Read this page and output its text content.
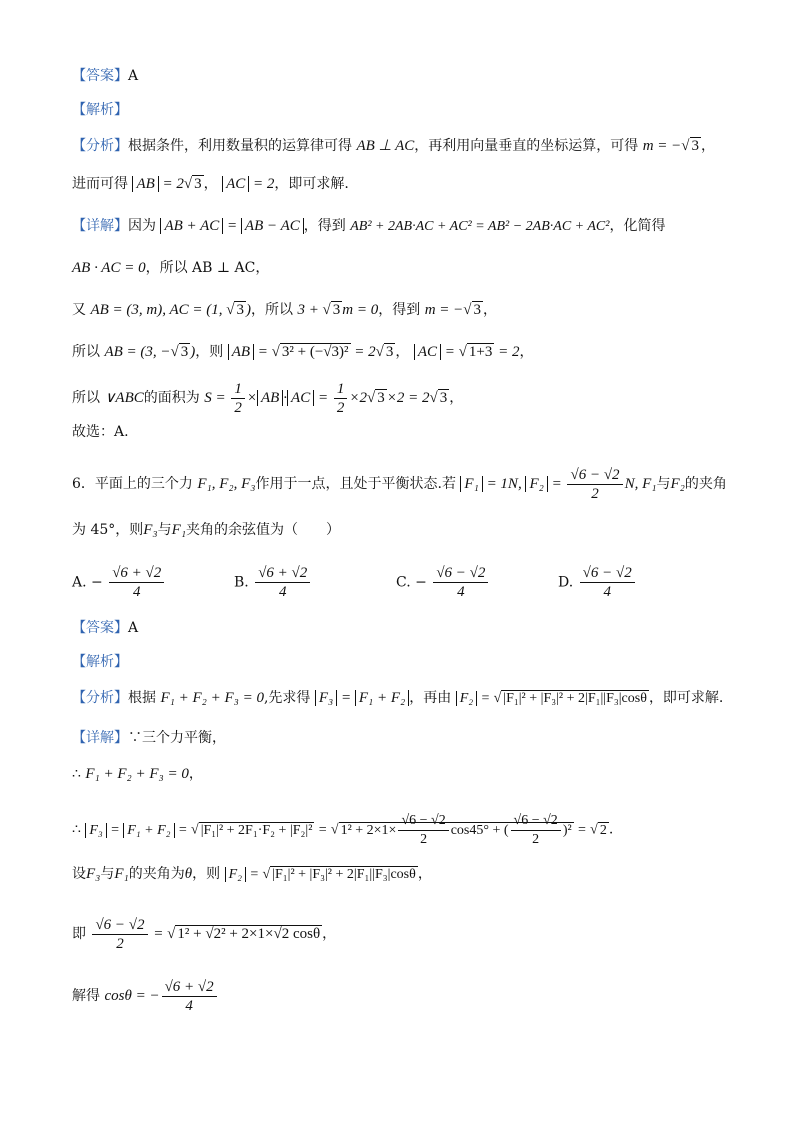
【答案】A
【解析】
【分析】根据条件，利用数量积的运算律可得 AB ⊥ AC，再利用向量垂直的坐标运算，可得 m = −√ 3 ，
进而可得 AB = 2√ 3 ， AC = 2，即可求解.
【详解】因为 AB + AC = AB − AC ，得到 AB² + 2AB·AC + AC² = AB² − 2AB·AC + AC²，化简得
AB · AC = 0，所以 AB ⊥ AC，
又 AB = (3, m), AC = (1, √ 3 )，所以 3 + √ 3 m = 0，得到 m = −√ 3 ，
所以 AB = (3, −√ 3 )，则 AB = √ 3² + (−√3)² = 2√ 3 ， AC = √ 1+3 = 2，
所以 ∨ABC的面积为 $S = \frac{1}{2}$ × AB · AC = $\frac{1}{2} \times 2√$ 3 ×2 = 2√ 3 ，
故选：A.
6．平面上的三个力 F₁, F₂, F₃作用于一点，且处于平衡状态.若 F₁ = 1N, $F_2 = \frac{√6 - √2}{2} N$, F₁与F₂的夹角
为 45°，则F₃与F₁夹角的余弦值为（　　）
A. − $\frac{√6 + √2}{4}$	B. $\frac{√6 + √2}{4}$	C. − $\frac{√6 - √2}{4}$	D. $\frac{√6 - √2}{4}$
【答案】A
【解析】
【分析】根据 F₁ + F₂ + F₃ = 0,先求得 F₃ = F₁ + F₂ ，再由 F₂ = √ |F₁|² + |F₃|² + 2|F₁||F₃|cosθ ，即可求解.
【详解】∵三个力平衡，
∴ F₁ + F₂ + F₃ = 0，
∴ F₃ = F₁ + F₂ = √ |F₁|² + 2F₁·F₂ + |F₂|² = √ $1^2 + 2\times 1\times \frac{√6 - √2}{2} \cos 45^\circ$ + ( $\frac{√6 - √2}{2} )^2$ = √ 2 .
设F₃与F₁的夹角为θ，则 F₂ = √ |F₁|² + |F₃|² + 2|F₁||F₃|cosθ ，
即 $\frac{√6 - √2}{2}$ = √ 1² + √2² + 2×1×√2 cosθ ，
解得 cosθ = − $\frac{√6 + √2}{4}$
